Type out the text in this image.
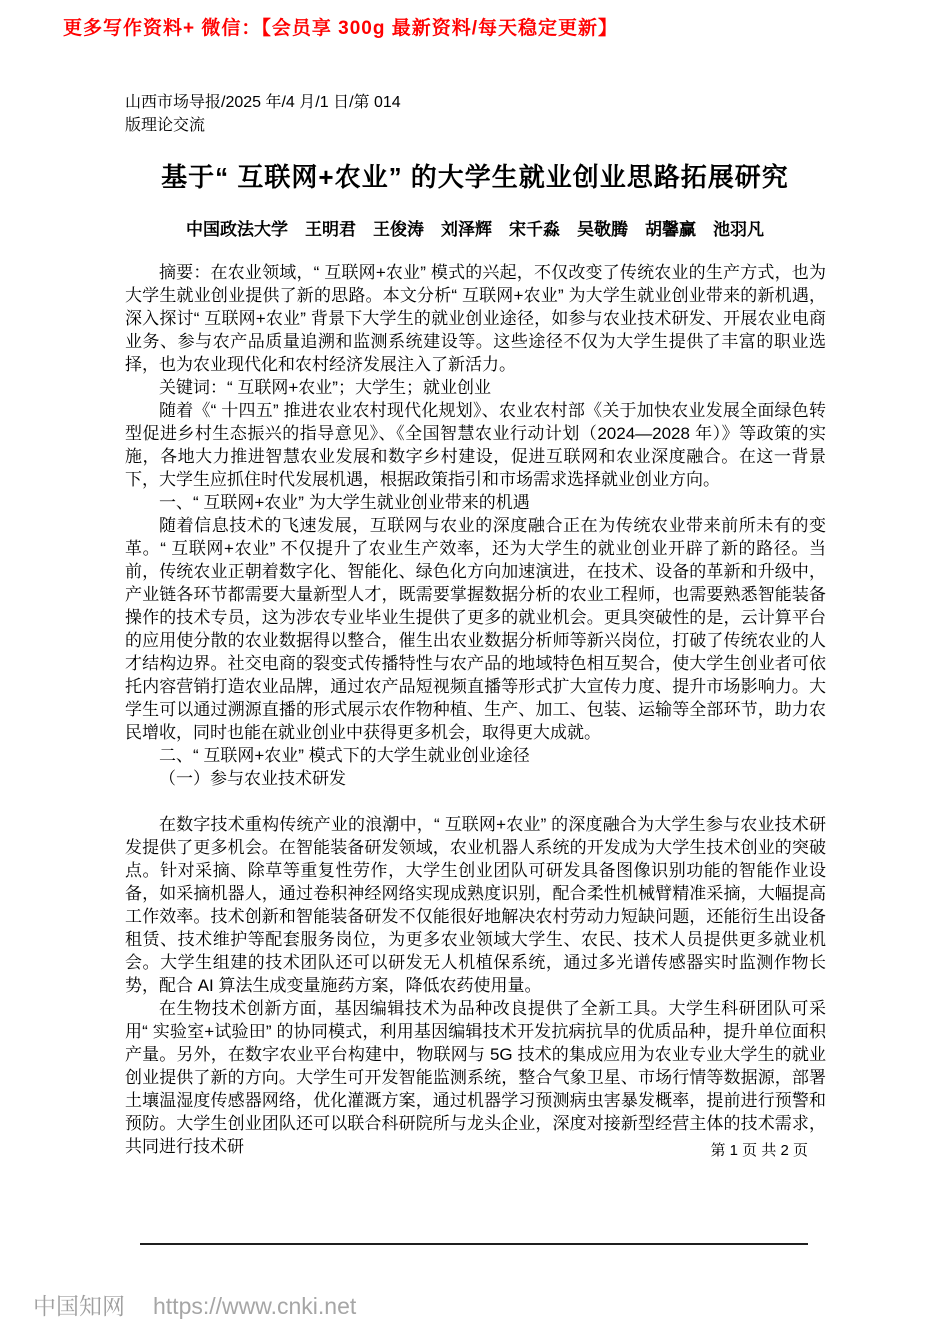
更多写作资料+ 微信：【会员享 300g 最新资料/每天稳定更新】
山西市场导报/2025 年/4 月/1 日/第 014
版理论交流
基于“ 互联网+农业” 的大学生就业创业思路拓展研究
中国政法大学　王明君　王俊涛　刘泽辉　宋千淼　吴敬腾　胡馨赢　池羽凡

摘要：在农业领域，“ 互联网+农业” 模式的兴起，不仅改变了传统农业的生产方式，也为大学生就业创业提供了新的思路。本文分析“ 互联网+农业” 为大学生就业创业带来的新机遇，深入探讨“ 互联网+农业” 背景下大学生的就业创业途径，如参与农业技术研发、开展农业电商业务、参与农产品质量追溯和监测系统建设等。这些途径不仅为大学生提供了丰富的职业选择，也为农业现代化和农村经济发展注入了新活力。

关键词：“ 互联网+农业”；大学生；就业创业

随着《“ 十四五” 推进农业农村现代化规划》、农业农村部《关于加快农业发展全面绿色转型促进乡村生态振兴的指导意见》、《全国智慧农业行动计划（2024—2028 年）》等政策的实施，各地大力推进智慧农业发展和数字乡村建设，促进互联网和农业深度融合。在这一背景下，大学生应抓住时代发展机遇，根据政策指引和市场需求选择就业创业方向。

一、“ 互联网+农业” 为大学生就业创业带来的机遇

随着信息技术的飞速发展，互联网与农业的深度融合正在为传统农业带来前所未有的变革。“ 互联网+农业” 不仅提升了农业生产效率，还为大学生的就业创业开辟了新的路径。当前，传统农业正朝着数字化、智能化、绿色化方向加速演进，在技术、设备的革新和升级中，产业链各环节都需要大量新型人才，既需要掌握数据分析的农业工程师，也需要熟悉智能装备操作的技术专员，这为涉农专业毕业生提供了更多的就业机会。更具突破性的是，云计算平台的应用使分散的农业数据得以整合，催生出农业数据分析师等新兴岗位，打破了传统农业的人才结构边界。社交电商的裂变式传播特性与农产品的地域特色相互契合，使大学生创业者可依托内容营销打造农业品牌，通过农产品短视频直播等形式扩大宣传力度、提升市场影响力。大学生可以通过溯源直播的形式展示农作物种植、生产、加工、包装、运输等全部环节，助力农民增收，同时也能在就业创业中获得更多机会，取得更大成就。

二、“ 互联网+农业” 模式下的大学生就业创业途径

（一）参与农业技术研发

在数字技术重构传统产业的浪潮中，“ 互联网+农业” 的深度融合为大学生参与农业技术研发提供了更多机会。在智能装备研发领域，农业机器人系统的开发成为大学生技术创业的突破点。针对采摘、除草等重复性劳作，大学生创业团队可研发具备图像识别功能的智能作业设备，如采摘机器人，通过卷积神经网络实现成熟度识别，配合柔性机械臂精准采摘，大幅提高工作效率。技术创新和智能装备研发不仅能很好地解决农村劳动力短缺问题，还能衍生出设备租赁、技术维护等配套服务岗位，为更多农业领域大学生、农民、技术人员提供更多就业机会。大学生组建的技术团队还可以研发无人机植保系统，通过多光谱传感器实时监测作物长势，配合 AI 算法生成变量施药方案，降低农药使用量。

在生物技术创新方面，基因编辑技术为品种改良提供了全新工具。大学生科研团队可采用“ 实验室+试验田” 的协同模式，利用基因编辑技术开发抗病抗旱的优质品种，提升单位面积产量。另外，在数字农业平台构建中，物联网与 5G 技术的集成应用为农业专业大学生的就业创业提供了新的方向。大学生可开发智能监测系统，整合气象卫星、市场行情等数据源，部署土壤温湿度传感器网络，优化灌溉方案，通过机器学习预测病虫害暴发概率，提前进行预警和预防。大学生创业团队还可以联合科研院所与龙头企业，深度对接新型经营主体的技术需求，共同进行技术研	第 1 页 共 2 页
中国知网 https://www.cnki.net
